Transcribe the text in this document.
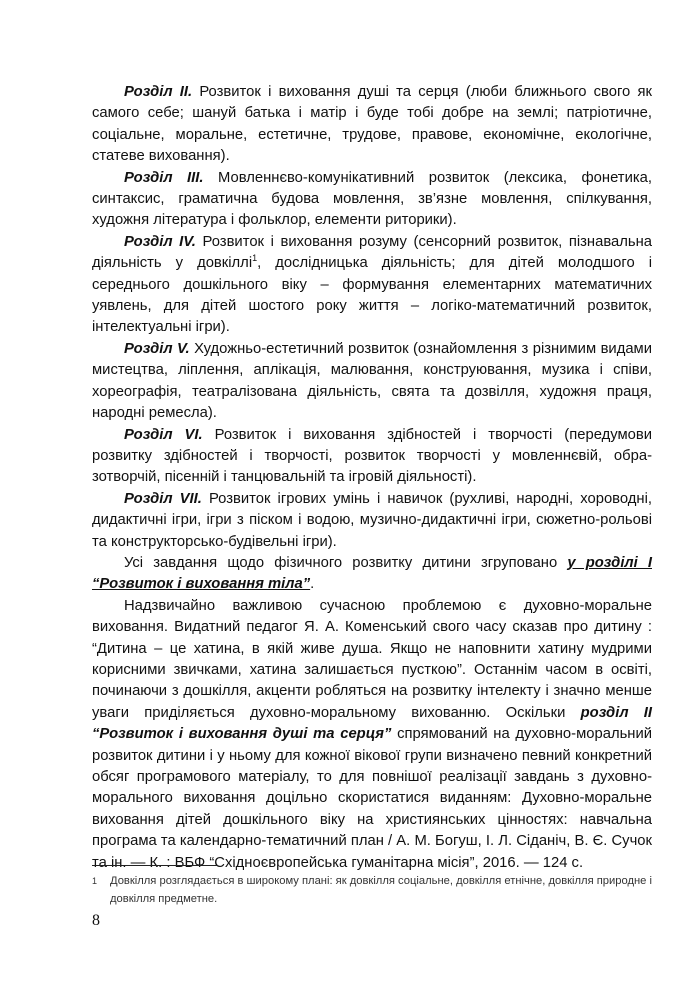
Розділ ІІ. Розвиток і виховання душі та серця (люби ближнього свого як самого себе; шануй батька і матір і буде тобі добре на землі; патріотичне, соціальне, моральне, естетичне, трудове, правове, економічне, екологічне, статеве виховання).

Розділ ІІІ. Мовленнєво-комунікативний розвиток (лексика, фонетика, синтаксис, граматична будова мовлення, зв’язне мовлення, спілкування, художня література і фольклор, елементи риторики).

Розділ IV. Розвиток і виховання розуму (сенсорний розвиток, пізнавальна діяльність у довкіллі$^1$, дослідницька діяльність; для дітей молодшого і середнього дошкільного віку – формування елементарних математичних уявлень, для дітей шостого року життя – логіко-математичний розвиток, інтелектуальні ігри).

Розділ V. Художньо-естетичний розвиток (ознайомлення з різнимим видами мистецтва, ліплення, аплікація, малювання, конструювання, музика і співи, хореографія, театралізована діяльність, свята та дозвілля, художня праця, народні ремесла).

Розділ VІ. Розвиток і виховання здібностей і творчості (передумови розвитку здібностей і творчості, розвиток творчості у мовленнєвій, образотворчій, пісенній і танцювальній та ігровій діяльності).

Розділ VІІ. Розвиток ігрових умінь і навичок (рухливі, народні, хороводні, дидактичні ігри, ігри з піском і водою, музично-дидактичні ігри, сюжетно-рольові та конструкторсько-будівельні ігри).

Усі завдання щодо фізичного розвитку дитини згруповано у розділі І “Розвиток і виховання тіла”.

Надзвичайно важливою сучасною проблемою є духовно-моральне виховання. Видатний педагог Я. А. Коменський свого часу сказав про дитину : “Дитина – це хатина, в якій живе душа. Якщо не наповнити хатину мудрими корисними звичками, хатина залишається пусткою”. Останнім часом в освіті, починаючи з дошкілля, акценти робляться на розвитку інтелекту і значно менше уваги приділяється духовно-моральному вихованню. Оскільки розділ ІІ “Розвиток і виховання душі та серця” спрямований на духовно-моральний розвиток дитини і у ньому для кожної вікової групи визначено певний конкретний обсяг програмового матеріалу, то для повнішої реалізації завдань з духовно-морального виховання доцільно скористатися виданням: Духовно-моральне виховання дітей дошкільного віку на християнських цінностях: навчальна програма та календарно-тематичний план / А. М. Богуш, І. Л. Сіданіч, В. Є. Сучок та ін. — К. : ВБФ “Східноєвропейська гуманітарна місія”, 2016. — 124 с.

1	Довкілля розглядається в широкому плані: як довкілля соціальне, довкілля етнічне, довкілля природне і довкілля предметне.
8
